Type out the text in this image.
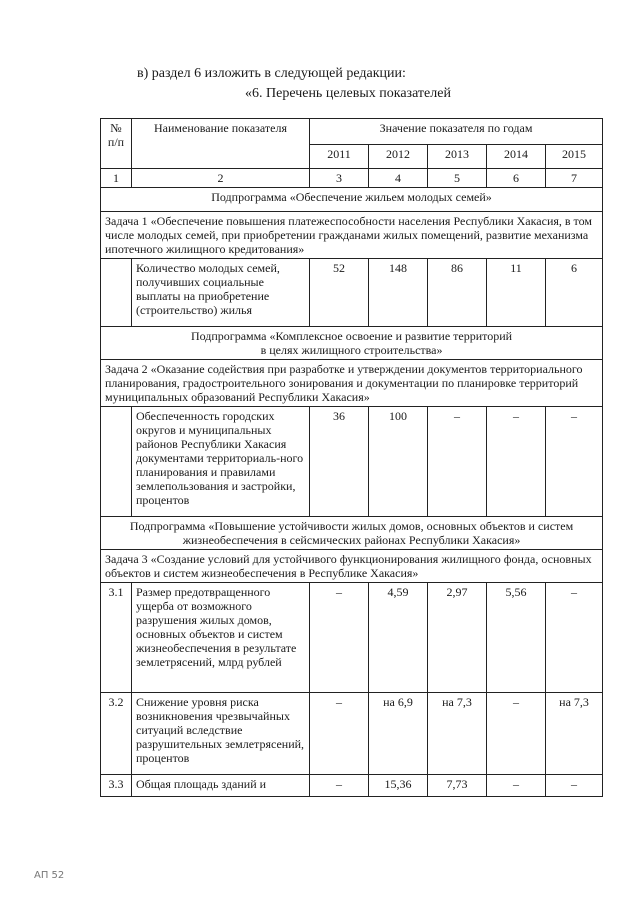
в) раздел 6 изложить в следующей редакции:
«6. Перечень целевых показателей
№
п/п	Наименование показателя	Значение показателя по годам				
		2011	2012	2013	2014	2015
1	2	3	4	5	6	7
Подпрограмма «Обеспечение жильем молодых семей»						
Задача 1 «Обеспечение повышения платежеспособности населения Республики Хакасия, в том числе молодых семей, при приобретении гражданами жилых помещений, развитие механизма ипотечного жилищного кредитования»						
	Количество молодых семей, получивших социальные выплаты на приобретение (строительство) жилья	52	148	86	11	6
Подпрограмма «Комплексное освоение и развитие территорий
в целях жилищного строительства»						
Задача 2 «Оказание содействия при разработке и утверждении документов территориального планирования, градостроительного зонирования и документации по планировке территорий муниципальных образований Республики Хакасия»						
	Обеспеченность городских округов и муниципальных районов Республики Хакасия документами территориаль-ного планирования и правилами землепользования и застройки, процентов	36	100	–	–	–
Подпрограмма «Повышение устойчивости жилых домов, основных объектов и систем жизнеобеспечения в сейсмических районах Республики Хакасия»						
Задача 3 «Создание условий для устойчивого функционирования жилищного фонда, основных объектов и систем жизнеобеспечения в Республике Хакасия»						
3.1	Размер предотвращенного ущерба от возможного разрушения жилых домов, основных объектов и систем жизнеобеспечения в результате землетрясений, млрд рублей	–	4,59	2,97	5,56	–
3.2	Снижение уровня риска возникновения чрезвычайных ситуаций вследствие разрушительных землетрясений, процентов	–	на 6,9	на 7,3	–	на 7,3
3.3	Общая площадь зданий и	–	15,36	7,73	–	–
АП 52
